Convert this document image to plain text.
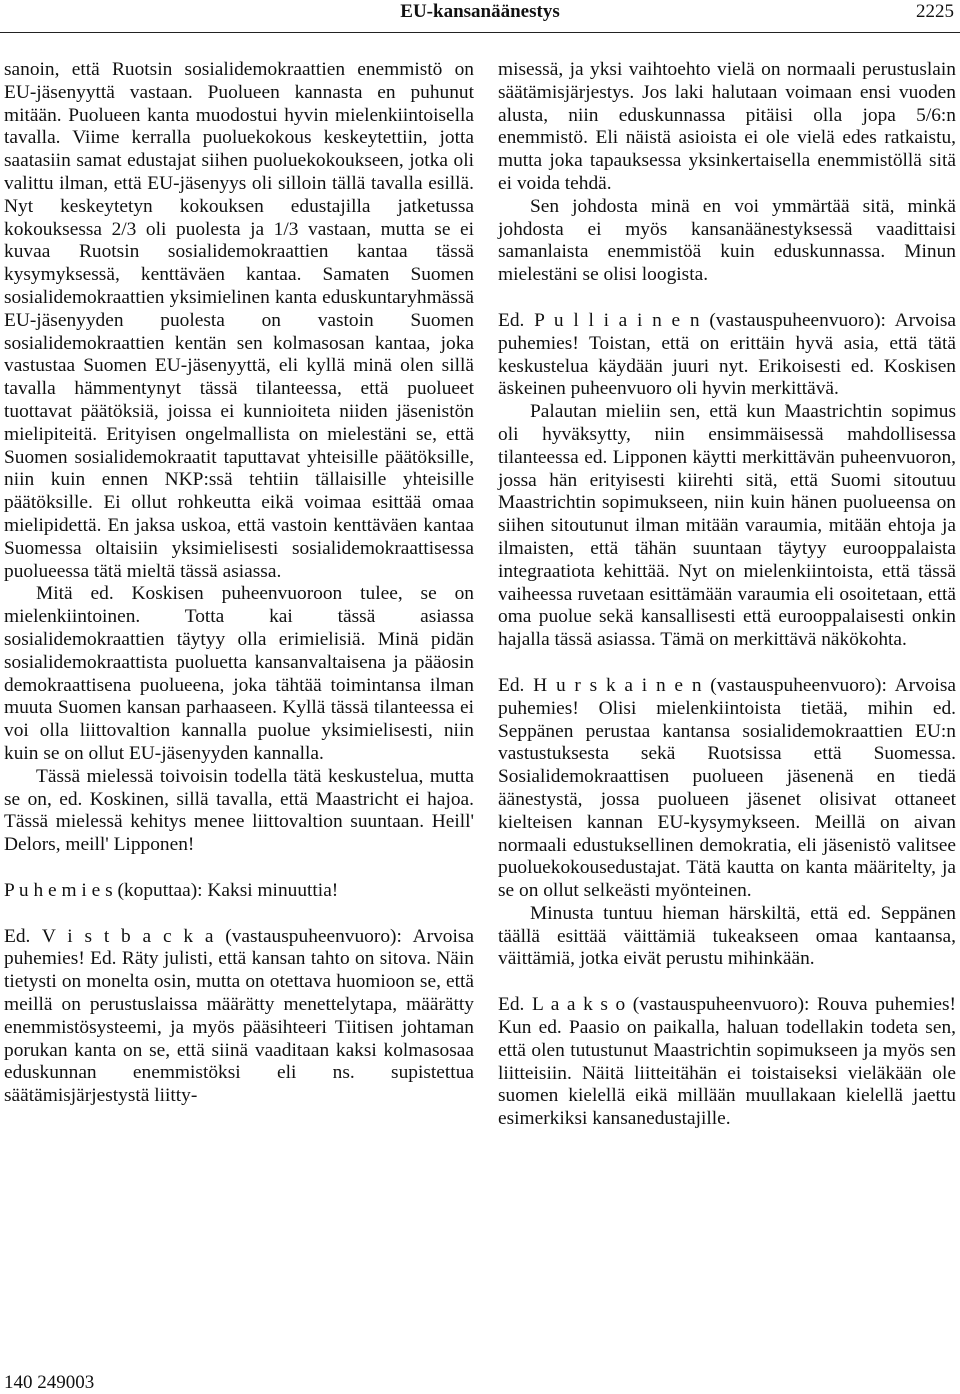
EU-kansanäänestys	2225

sanoin, että Ruotsin sosialidemokraattien enemmistö on EU-jäsenyyttä vastaan. Puolueen kannasta en puhunut mitään. Puolueen kanta muodostui hyvin mielenkiintoisella tavalla. Viime kerralla puoluekokous keskeytettiin, jotta saatasiin samat edustajat siihen puoluekokoukseen, jotka oli valittu ilman, että EU-jäsenyys oli silloin tällä tavalla esillä. Nyt keskeytetyn kokouksen edustajilla jatketussa kokouksessa 2/3 oli puolesta ja 1/3 vastaan, mutta se ei kuvaa Ruotsin sosialidemokraattien kantaa tässä kysymyksessä, kenttäväen kantaa. Samaten Suomen sosialidemokraattien yksimielinen kanta eduskuntaryhmässä EU-jäsenyyden puolesta on vastoin Suomen sosialidemokraattien kentän sen kolmasosan kantaa, joka vastustaa Suomen EU-jäsenyyttä, eli kyllä minä olen sillä tavalla hämmentynyt tässä tilanteessa, että puolueet tuottavat päätöksiä, joissa ei kunnioiteta niiden jäsenistön mielipiteitä. Erityisen ongelmallista on mielestäni se, että Suomen sosialidemokraatit taputtavat yhteisille päätöksille, niin kuin ennen NKP:ssä tehtiin tällaisille yhteisille päätöksille. Ei ollut rohkeutta eikä voimaa esittää omaa mielipidettä. En jaksa uskoa, että vastoin kenttäväen kantaa Suomessa oltaisiin yksimielisesti sosialidemokraattisessa puolueessa tätä mieltä tässä asiassa.

Mitä ed. Koskisen puheenvuoroon tulee, se on mielenkiintoinen. Totta kai tässä asiassa sosialidemokraattien täytyy olla erimielisiä. Minä pidän sosialidemokraattista puoluetta kansanvaltaisena ja pääosin demokraattisena puolueena, joka tähtää toimintansa ilman muuta Suomen kansan parhaaseen. Kyllä tässä tilanteessa ei voi olla liittovaltion kannalla puolue yksimielisesti, niin kuin se on ollut EU-jäsenyyden kannalla.

Tässä mielessä toivoisin todella tätä keskustelua, mutta se on, ed. Koskinen, sillä tavalla, että Maastricht ei hajoa. Tässä mielessä kehitys menee liittovaltion suuntaan. Heill' Delors, meill' Lipponen!

P u h e m i e s (koputtaa): Kaksi minuuttia!

Ed. V i s t b a c k a (vastauspuheenvuoro): Arvoisa puhemies! Ed. Räty julisti, että kansan tahto on sitova. Näin tietysti on monelta osin, mutta on otettava huomioon se, että meillä on perustuslaissa määrätty menettelytapa, määrätty enemmistösysteemi, ja myös pääsihteeri Tiitisen johtaman porukan kanta on se, että siinä vaaditaan kaksi kolmasosaa eduskunnan enemmistöksi eli ns. supistettua säätämisjärjestystä liitty-

misessä, ja yksi vaihtoehto vielä on normaali perustuslain säätämisjärjestys. Jos laki halutaan voimaan ensi vuoden alusta, niin eduskunnassa pitäisi olla jopa 5/6:n enemmistö. Eli näistä asioista ei ole vielä edes ratkaistu, mutta joka tapauksessa yksinkertaisella enemmistöllä sitä ei voida tehdä.

Sen johdosta minä en voi ymmärtää sitä, minkä johdosta ei myös kansanäänestyksessä vaadittaisi samanlaista enemmistöä kuin eduskunnassa. Minun mielestäni se olisi loogista.

Ed. P u l l i a i n e n (vastauspuheenvuoro): Arvoisa puhemies! Toistan, että on erittäin hyvä asia, että tätä keskustelua käydään juuri nyt. Erikoisesti ed. Koskisen äskeinen puheenvuoro oli hyvin merkittävä.

Palautan mieliin sen, että kun Maastrichtin sopimus oli hyväksytty, niin ensimmäisessä mahdollisessa tilanteessa ed. Lipponen käytti merkittävän puheenvuoron, jossa hän erityisesti kiirehti sitä, että Suomi sitoutuu Maastrichtin sopimukseen, niin kuin hänen puolueensa on siihen sitoutunut ilman mitään varaumia, mitään ehtoja ja ilmaisten, että tähän suuntaan täytyy eurooppalaista integraatiota kehittää. Nyt on mielenkiintoista, että tässä vaiheessa ruvetaan esittämään varaumia eli osoitetaan, että oma puolue sekä kansallisesti että eurooppalaisesti onkin hajalla tässä asiassa. Tämä on merkittävä näkökohta.

Ed. H u r s k a i n e n (vastauspuheenvuoro): Arvoisa puhemies! Olisi mielenkiintoista tietää, mihin ed. Seppänen perustaa kantansa sosialidemokraattien EU:n vastustuksesta sekä Ruotsissa että Suomessa. Sosialidemokraattisen puolueen jäsenenä en tiedä äänestystä, jossa puolueen jäsenet olisivat ottaneet kielteisen kannan EU-kysymykseen. Meillä on aivan normaali edustuksellinen demokratia, eli jäsenistö valitsee puoluekokousedustajat. Tätä kautta on kanta määritelty, ja se on ollut selkeästi myönteinen.

Minusta tuntuu hieman härskiltä, että ed. Seppänen täällä esittää väittämiä tukeakseen omaa kantaansa, väittämiä, jotka eivät perustu mihinkään.

Ed. L a a k s o (vastauspuheenvuoro): Rouva puhemies! Kun ed. Paasio on paikalla, haluan todellakin todeta sen, että olen tutustunut Maastrichtin sopimukseen ja myös sen liitteisiin. Näitä liitteitähän ei toistaiseksi vieläkään ole suomen kielellä eikä millään muullakaan kielellä jaettu esimerkiksi kansanedustajille.

140 249003
